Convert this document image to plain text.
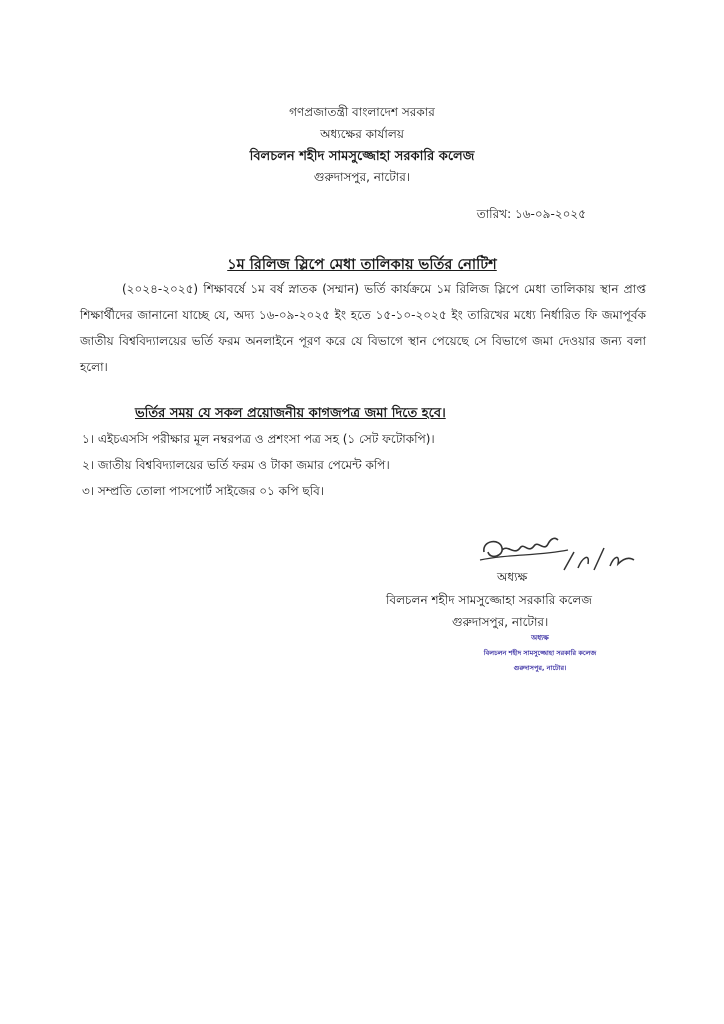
গণপ্রজাতন্ত্রী বাংলাদেশ সরকার
অধ্যক্ষের কার্যালয়
বিলচলন শহীদ সামসুজ্জোহা সরকারি কলেজ
গুরুদাসপুর, নাটোর।
তারিখ: ১৬-০৯-২০২৫
১ম রিলিজ স্লিপে মেধা তালিকায় ভর্তির নোটিশ
(২০২৪-২০২৫) শিক্ষাবর্ষে ১ম বর্ষ স্নাতক (সম্মান) ভর্তি কার্যক্রমে ১ম রিলিজ স্লিপে মেধা তালিকায় স্থান প্রাপ্ত শিক্ষার্থীদের জানানো যাচ্ছে যে, অদ্য ১৬-০৯-২০২৫ ইং হতে ১৫-১০-২০২৫ ইং তারিখের মধ্যে নির্ধারিত ফি জমাপূর্বক জাতীয় বিশ্ববিদ্যালয়ের ভর্তি ফরম অনলাইনে পূরণ করে যে বিভাগে স্থান পেয়েছে সে বিভাগে জমা দেওয়ার জন্য বলা হলো।
ভর্তির সময় যে সকল প্রয়োজনীয় কাগজপত্র জমা দিতে হবে।
১। এইচএসসি পরীক্ষার মূল নম্বরপত্র ও প্রশংসা পত্র সহ (১ সেট ফটোকপি)।
২। জাতীয় বিশ্ববিদ্যালয়ের ভর্তি ফরম ও টাকা জমার পেমেন্ট কপি।
৩। সম্প্রতি তোলা পাসপোর্ট সাইজের ০১ কপি ছবি।
অধ্যক্ষ
বিলচলন শহীদ সামসুজ্জোহা সরকারি কলেজ
গুরুদাসপুর, নাটোর।
অধ্যক্ষ
বিলচলন শহীদ সামসুজ্জোহা সরকারি কলেজ
গুরুদাসপুর, নাটোর।
